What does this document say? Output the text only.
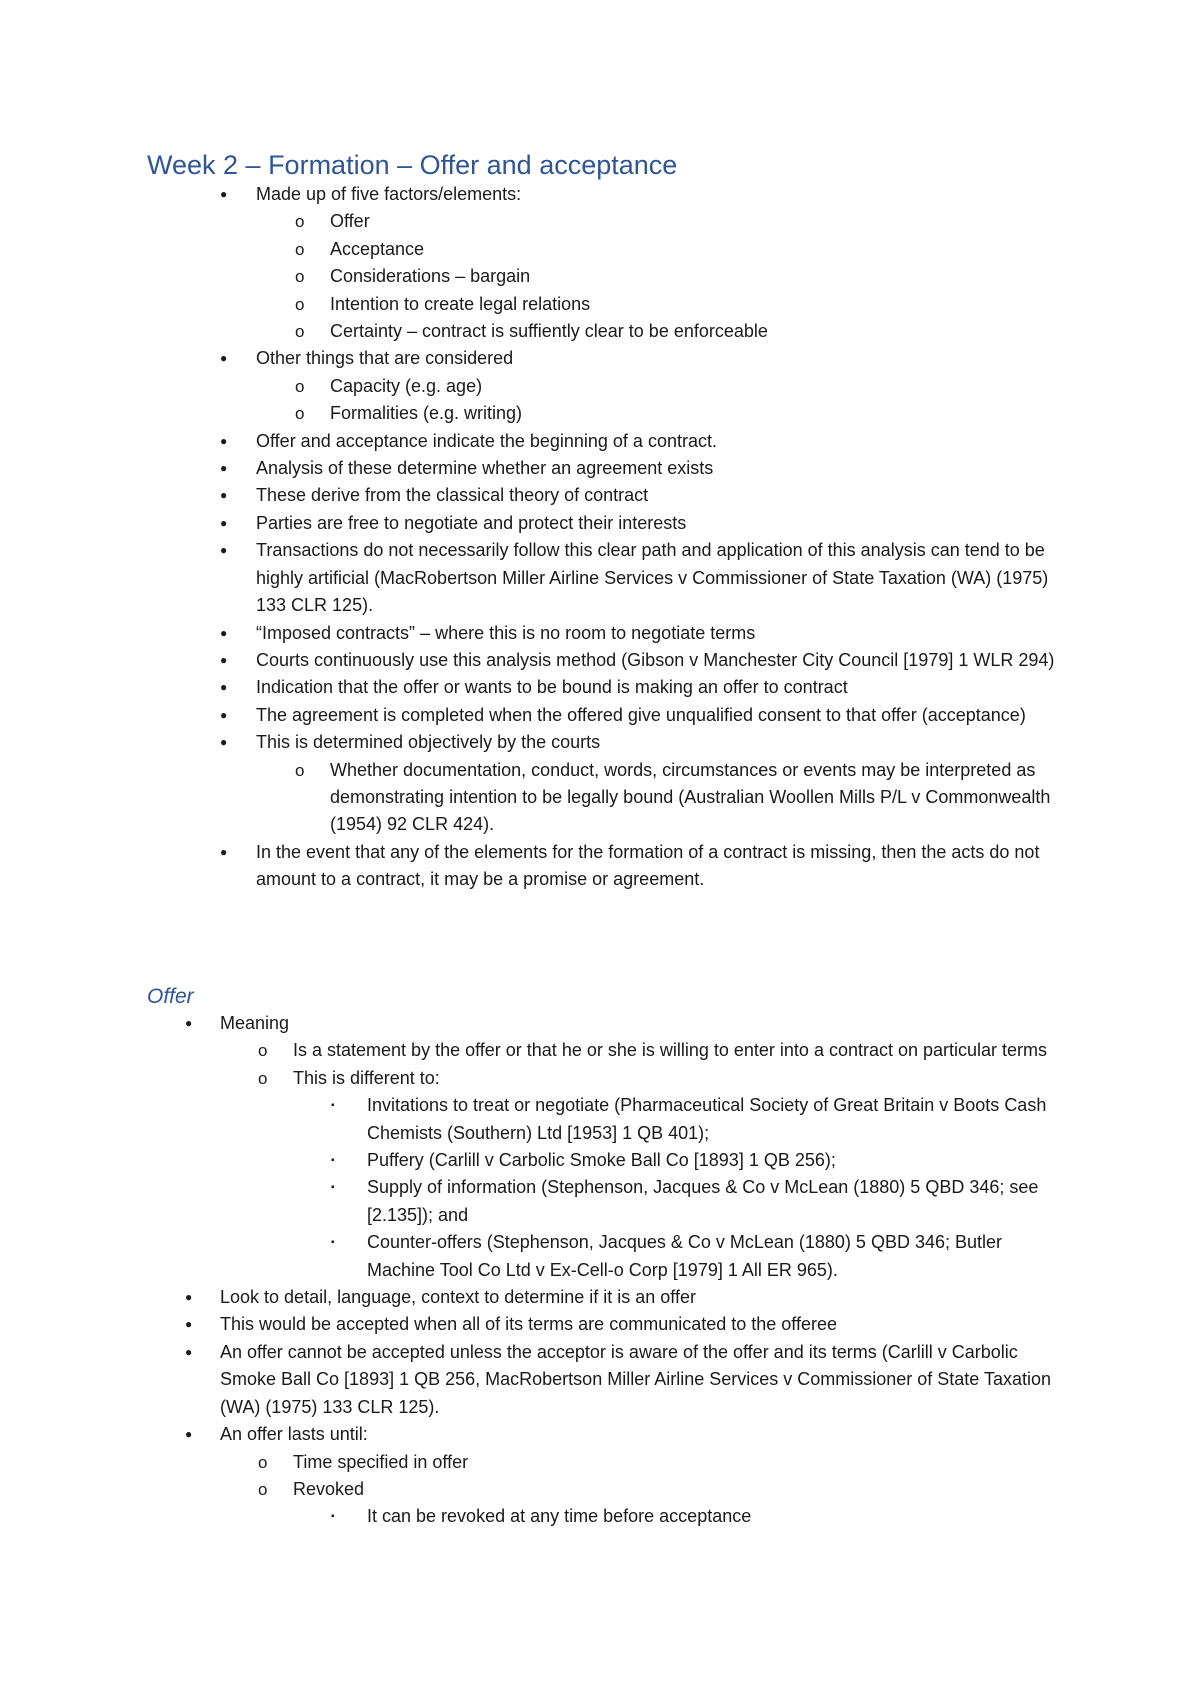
Week 2 – Formation – Offer and acceptance
● Made up of five factors/elements:
o Offer
o Acceptance
o Considerations – bargain
o Intention to create legal relations
o Certainty – contract is suffiently clear to be enforceable
● Other things that are considered
o Capacity (e.g. age)
o Formalities (e.g. writing)
● Offer and acceptance indicate the beginning of a contract.
● Analysis of these determine whether an agreement exists
● These derive from the classical theory of contract
● Parties are free to negotiate and protect their interests
● Transactions do not necessarily follow this clear path and application of this analysis can tend to be highly artificial (MacRobertson Miller Airline Services v Commissioner of State Taxation (WA) (1975) 133 CLR 125).
● “Imposed contracts” – where this is no room to negotiate terms
● Courts continuously use this analysis method (Gibson v Manchester City Council [1979] 1 WLR 294)
● Indication that the offer or wants to be bound is making an offer to contract
● The agreement is completed when the offered give unqualified consent to that offer (acceptance)
● This is determined objectively by the courts
o Whether documentation, conduct, words, circumstances or events may be interpreted as demonstrating intention to be legally bound (Australian Woollen Mills P/L v Commonwealth (1954) 92 CLR 424).
● In the event that any of the elements for the formation of a contract is missing, then the acts do not amount to a contract, it may be a promise or agreement.
Offer
● Meaning
o Is a statement by the offer or that he or she is willing to enter into a contract on particular terms
o This is different to:
▪ Invitations to treat or negotiate (Pharmaceutical Society of Great Britain v Boots Cash Chemists (Southern) Ltd [1953] 1 QB 401);
▪ Puffery (Carlill v Carbolic Smoke Ball Co [1893] 1 QB 256);
▪ Supply of information (Stephenson, Jacques & Co v McLean (1880) 5 QBD 346; see [2.135]); and
▪ Counter-offers (Stephenson, Jacques & Co v McLean (1880) 5 QBD 346; Butler Machine Tool Co Ltd v Ex-Cell-o Corp [1979] 1 All ER 965).
● Look to detail, language, context to determine if it is an offer
● This would be accepted when all of its terms are communicated to the offeree
● An offer cannot be accepted unless the acceptor is aware of the offer and its terms (Carlill v Carbolic Smoke Ball Co [1893] 1 QB 256, MacRobertson Miller Airline Services v Commissioner of State Taxation (WA) (1975) 133 CLR 125).
● An offer lasts until:
o Time specified in offer
o Revoked
▪ It can be revoked at any time before acceptance
